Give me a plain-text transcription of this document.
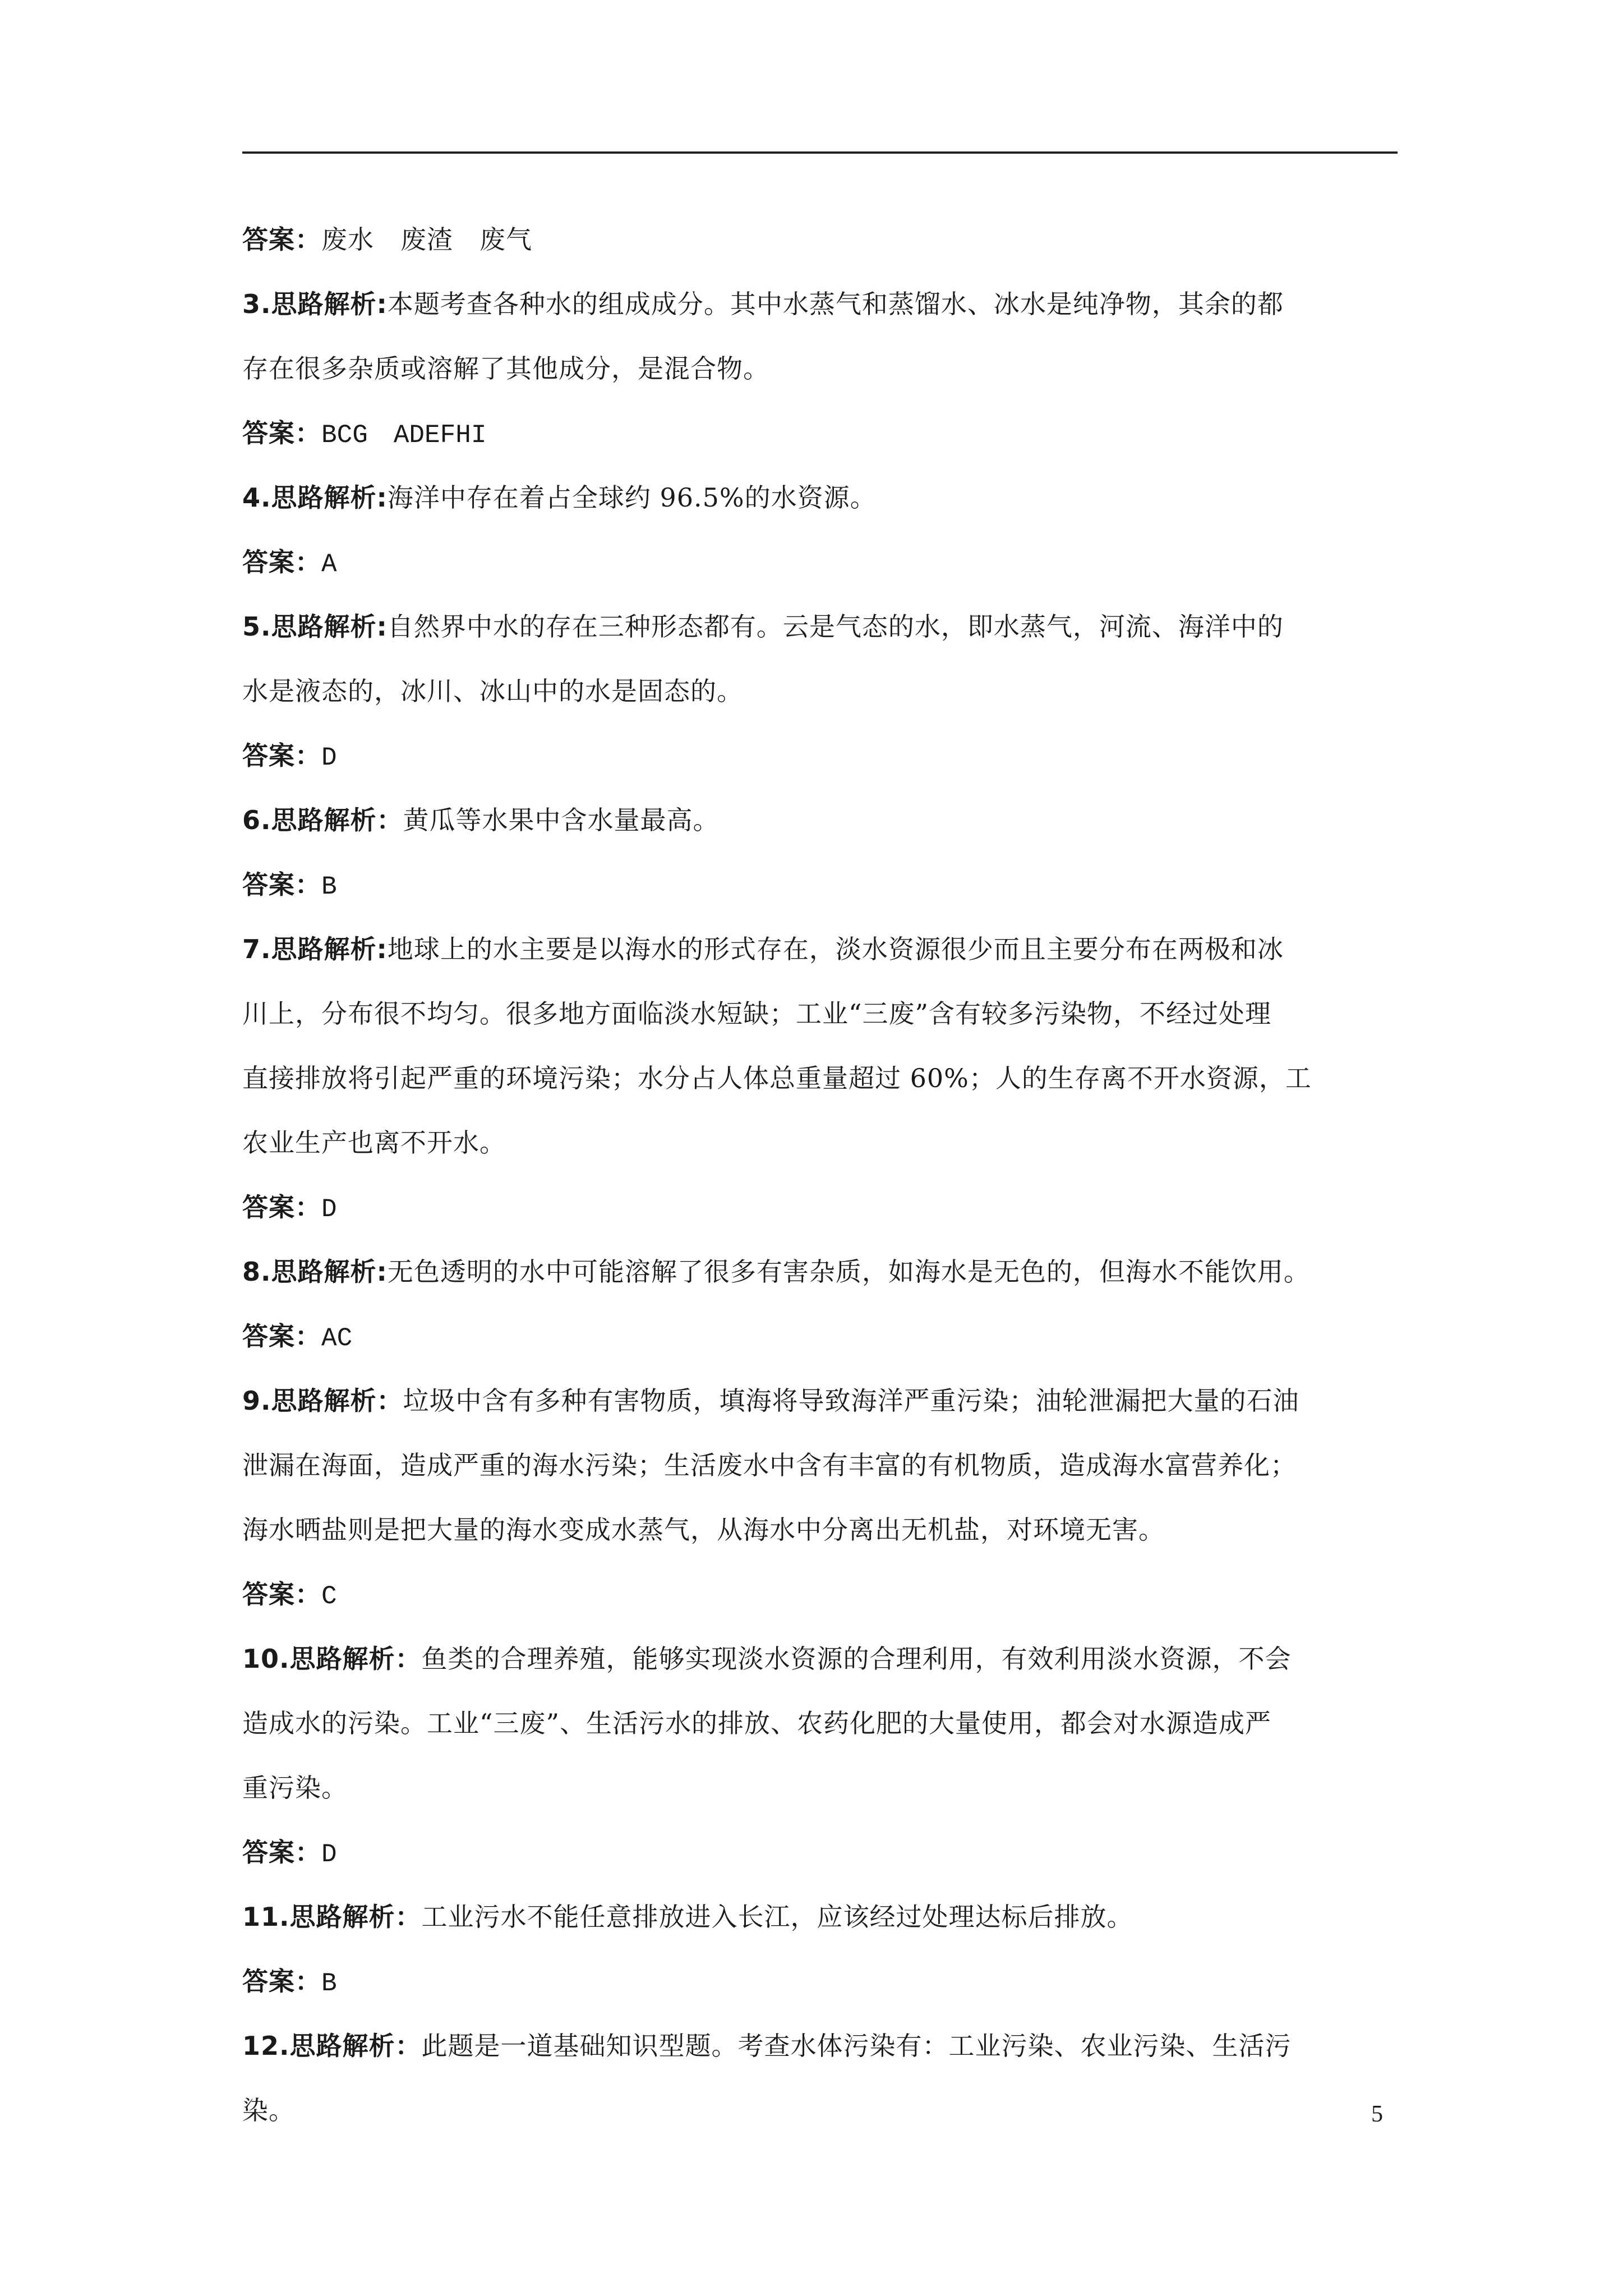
答案：废水　废渣　废气
3.思路解析:本题考查各种水的组成成分。其中水蒸气和蒸馏水、冰水是纯净物，其余的都
存在很多杂质或溶解了其他成分，是混合物。
答案：BCG　ADEFHI
4.思路解析:海洋中存在着占全球约 96.5%的水资源。
答案：A
5.思路解析:自然界中水的存在三种形态都有。云是气态的水，即水蒸气，河流、海洋中的
水是液态的，冰川、冰山中的水是固态的。
答案：D
6.思路解析：黄瓜等水果中含水量最高。
答案：B
7.思路解析:地球上的水主要是以海水的形式存在，淡水资源很少而且主要分布在两极和冰
川上，分布很不均匀。很多地方面临淡水短缺；工业“三废”含有较多污染物，不经过处理
直接排放将引起严重的环境污染；水分占人体总重量超过 60%；人的生存离不开水资源，工
农业生产也离不开水。
答案：D
8.思路解析:无色透明的水中可能溶解了很多有害杂质，如海水是无色的，但海水不能饮用。
答案：AC
9.思路解析：垃圾中含有多种有害物质，填海将导致海洋严重污染；油轮泄漏把大量的石油
泄漏在海面，造成严重的海水污染；生活废水中含有丰富的有机物质，造成海水富营养化；
海水晒盐则是把大量的海水变成水蒸气，从海水中分离出无机盐，对环境无害。
答案：C
10.思路解析：鱼类的合理养殖，能够实现淡水资源的合理利用，有效利用淡水资源，不会
造成水的污染。工业“三废”、生活污水的排放、农药化肥的大量使用，都会对水源造成严
重污染。
答案：D
11.思路解析：工业污水不能任意排放进入长江，应该经过处理达标后排放。
答案：B
12.思路解析：此题是一道基础知识型题。考查水体污染有：工业污染、农业污染、生活污
染。	5
